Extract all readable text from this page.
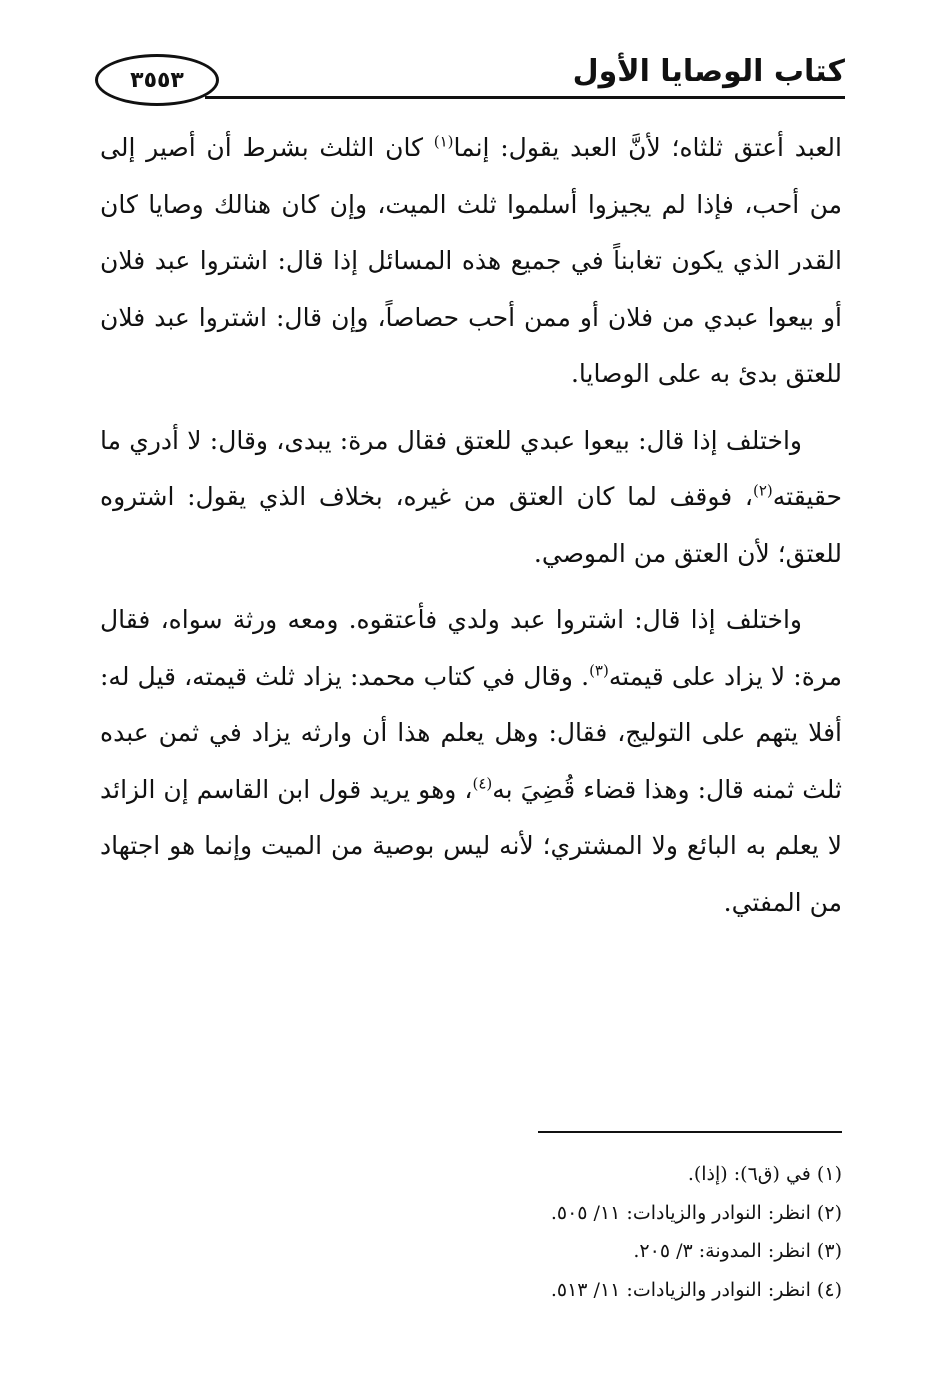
٣٥٥٣	كتاب الوصايا الأول

العبد أعتق ثلثاه؛ لأنَّ العبد يقول: إنما$^{(١)}$ كان الثلث بشرط أن أصير إلى من أحب، فإذا لم يجيزوا أسلموا ثلث الميت، وإن كان هنالك وصايا كان القدر الذي يكون تغابناً في جميع هذه المسائل إذا قال: اشتروا عبد فلان أو بيعوا عبدي من فلان أو ممن أحب حصاصاً، وإن قال: اشتروا عبد فلان للعتق بدئ به على الوصايا.

واختلف إذا قال: بيعوا عبدي للعتق فقال مرة: يبدى، وقال: لا أدري ما حقيقته$^{(٢)}$، فوقف لما كان العتق من غيره، بخلاف الذي يقول: اشتروه للعتق؛ لأن العتق من الموصي.

واختلف إذا قال: اشتروا عبد ولدي فأعتقوه. ومعه ورثة سواه، فقال مرة: لا يزاد على قيمته$^{(٣)}$. وقال في كتاب محمد: يزاد ثلث قيمته، قيل له: أفلا يتهم على التوليج، فقال: وهل يعلم هذا أن وارثه يزاد في ثمن عبده ثلث ثمنه قال: وهذا قضاء قُضِيَ به$^{(٤)}$، وهو يريد قول ابن القاسم إن الزائد لا يعلم به البائع ولا المشتري؛ لأنه ليس بوصية من الميت وإنما هو اجتهاد من المفتي.

(١) في (ق٦): (إذا).

(٢) انظر: النوادر والزيادات: ١١/ ٥٠٥.

(٣) انظر: المدونة: ٣/ ٢٠٥.

(٤) انظر: النوادر والزيادات: ١١/ ٥١٣.
